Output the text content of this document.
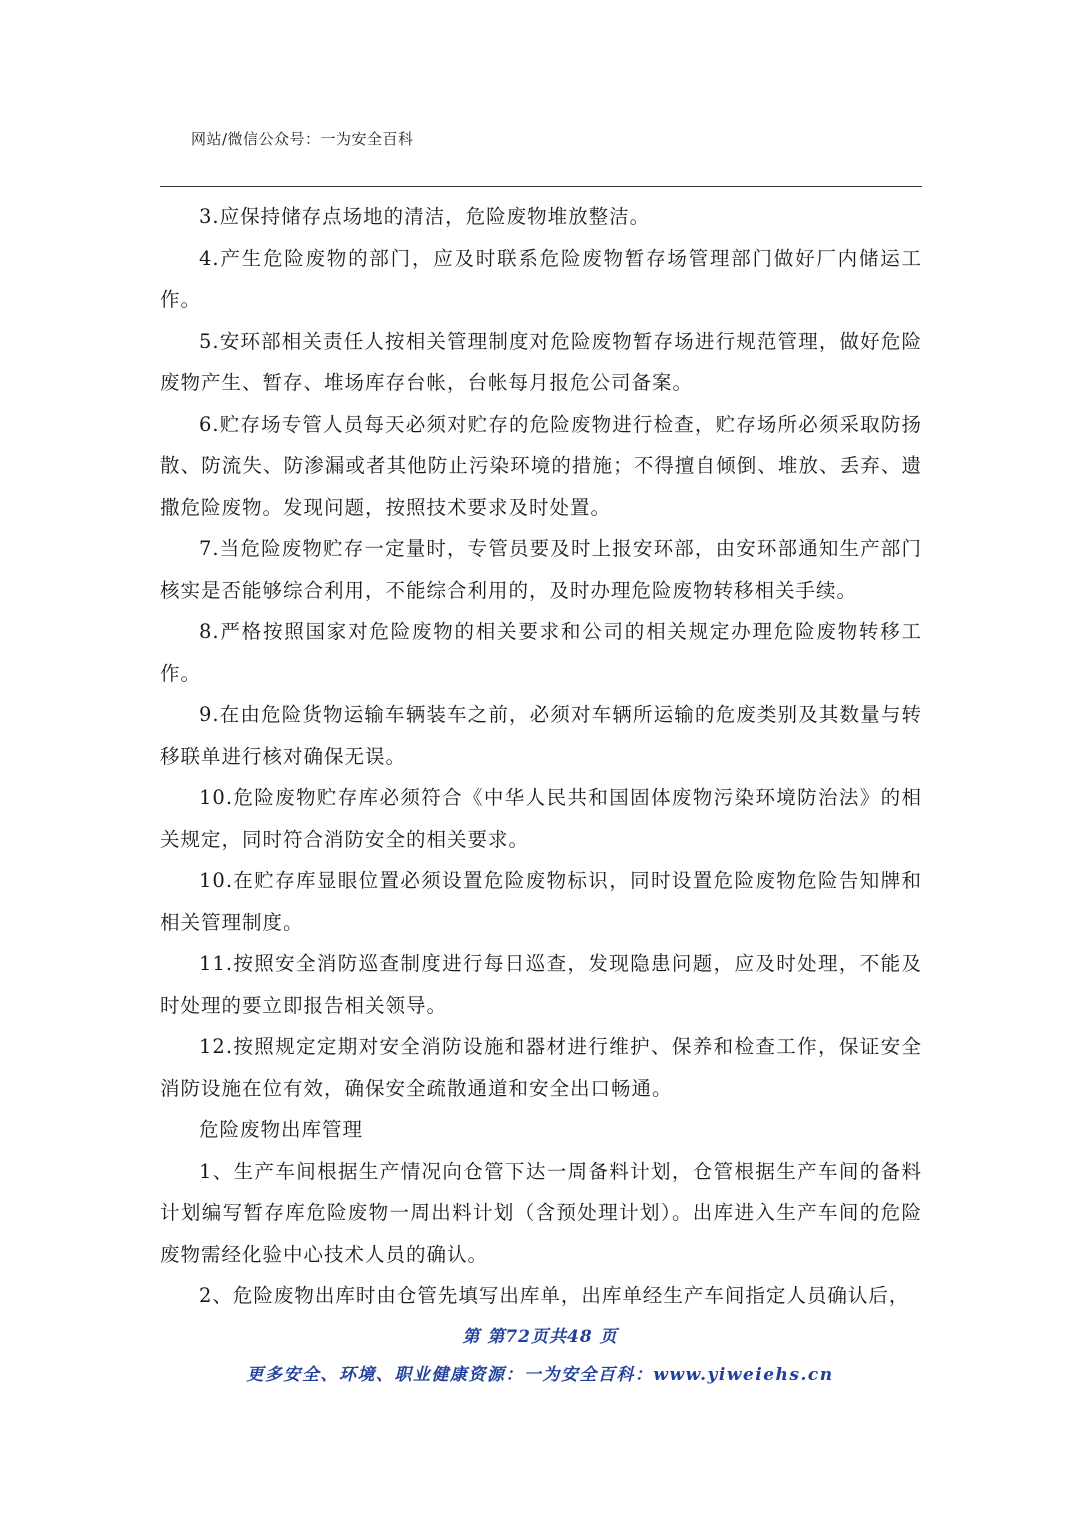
网站/微信公众号：一为安全百科

3.应保持储存点场地的清洁，危险废物堆放整洁。

4.产生危险废物的部门，应及时联系危险废物暂存场管理部门做好厂内储运工作。

5.安环部相关责任人按相关管理制度对危险废物暂存场进行规范管理，做好危险废物产生、暂存、堆场库存台帐，台帐每月报危公司备案。

6.贮存场专管人员每天必须对贮存的危险废物进行检查，贮存场所必须采取防扬散、防流失、防渗漏或者其他防止污染环境的措施；不得擅自倾倒、堆放、丢弃、遗撒危险废物。发现问题，按照技术要求及时处置。

7.当危险废物贮存一定量时，专管员要及时上报安环部，由安环部通知生产部门核实是否能够综合利用，不能综合利用的，及时办理危险废物转移相关手续。

8.严格按照国家对危险废物的相关要求和公司的相关规定办理危险废物转移工作。

9.在由危险货物运输车辆装车之前，必须对车辆所运输的危废类别及其数量与转移联单进行核对确保无误。

10.危险废物贮存库必须符合《中华人民共和国固体废物污染环境防治法》的相关规定，同时符合消防安全的相关要求。

10.在贮存库显眼位置必须设置危险废物标识，同时设置危险废物危险告知牌和相关管理制度。

11.按照安全消防巡查制度进行每日巡查，发现隐患问题，应及时处理，不能及时处理的要立即报告相关领导。

12.按照规定定期对安全消防设施和器材进行维护、保养和检查工作，保证安全消防设施在位有效，确保安全疏散通道和安全出口畅通。

危险废物出库管理

1、生产车间根据生产情况向仓管下达一周备料计划，仓管根据生产车间的备料计划编写暂存库危险废物一周出料计划（含预处理计划）。出库进入生产车间的危险废物需经化验中心技术人员的确认。

2、危险废物出库时由仓管先填写出库单，出库单经生产车间指定人员确认后，

第 第72页共48 页
更多安全、环境、职业健康资源：一为安全百科：www.yiweiehs.cn
